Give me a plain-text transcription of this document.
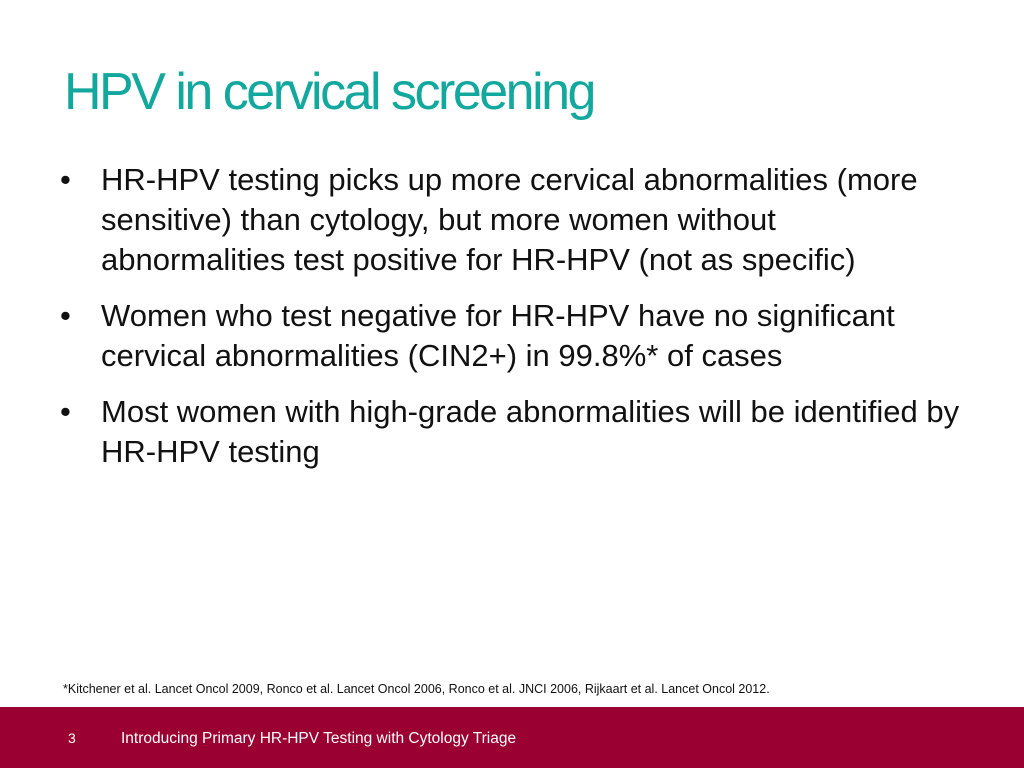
HPV in cervical screening
• HR-HPV testing picks up more cervical abnormalities (more sensitive) than cytology, but more women without abnormalities test positive for HR-HPV (not as specific)
• Women who test negative for HR-HPV have no significant cervical abnormalities (CIN2+) in 99.8%* of cases
• Most women with high-grade abnormalities will be identified by HR-HPV testing
*Kitchener et al. Lancet Oncol 2009, Ronco et al. Lancet Oncol 2006, Ronco et al. JNCI 2006, Rijkaart et al. Lancet Oncol 2012.
3	Introducing Primary HR-HPV Testing with Cytology Triage
